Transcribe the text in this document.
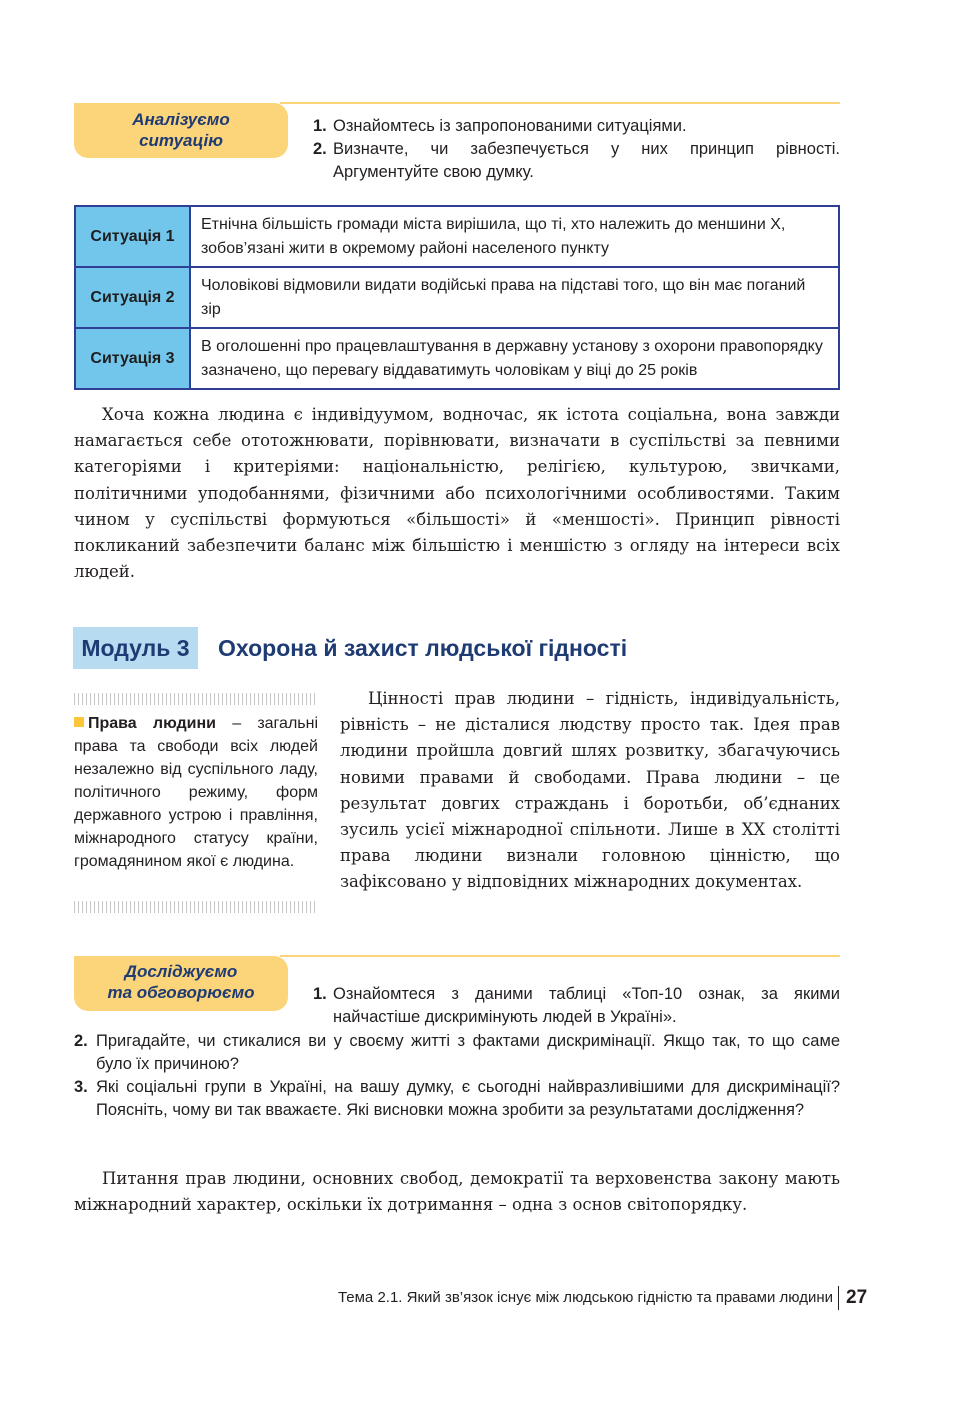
Аналізуємо
ситуацію
1. Ознайомтесь із запропонованими ситуаціями.
2. Визначте, чи забезпечується у них принцип рівності. Аргументуйте свою думку.
Ситуація 1	Етнічна більшість громади міста вирішила, що ті, хто належить до меншини Х, зобов’язані жити в окремому районі населеного пункту
Ситуація 2	Чоловікові відмовили видати водійські права на підставі того, що він має поганий зір
Ситуація 3	В оголошенні про працевлаштування в державну установу з охорони правопорядку зазначено, що перевагу віддаватимуть чоловікам у віці до 25 років

Хоча кожна людина є індивідуумом, водночас, як істота соціальна, вона завжди намагається себе ототожнювати, порівнювати, визначати в суспільстві за певними категоріями і критеріями: національністю, релігією, культурою, звичками, політичними уподобаннями, фізичними або психологічними особливостями. Таким чином у суспільстві формуються «більшості» й «меншості». Принцип рівності покликаний забезпечити баланс між більшістю і меншістю з огляду на інтереси всіх людей.

Модуль 3	Охорона й захист людської гідності
Права людини – загальні права та свободи всіх людей незалежно від суспільного ладу, політичного режиму, форм державного устрою і правління, міжнародного статусу країни, громадянином якої є людина.

Цінності прав людини – гідність, індивідуальність, рівність – не дісталися людству просто так. Ідея прав людини пройшла довгий шлях розвитку, збагачуючись новими правами й свободами. Права людини – це результат довгих страждань і боротьби, об’єднаних зусиль усієї міжнародної спільноти. Лише в ХХ столітті права людини визнали головною цінністю, що зафіксовано у відповідних міжнародних документах.

Досліджуємо
та обговорюємо	1. Ознайомтеся з даними таблиці «Топ-10 ознак, за якими найчастіше дискримінують людей в Україні».
2. Пригадайте, чи стикалися ви у своєму житті з фактами дискримінації. Якщо так, то що саме було їх причиною?
3. Які соціальні групи в Україні, на вашу думку, є сьогодні найвразливішими для дискримінації? Поясніть, чому ви так вважаєте. Які висновки можна зробити за результатами дослідження?

Питання прав людини, основних свобод, демократії та верховенства закону мають міжнародний характер, оскільки їх дотримання – одна з основ світопорядку.

Тема 2.1. Який зв’язок існує між людською гідністю та правами людини 27
